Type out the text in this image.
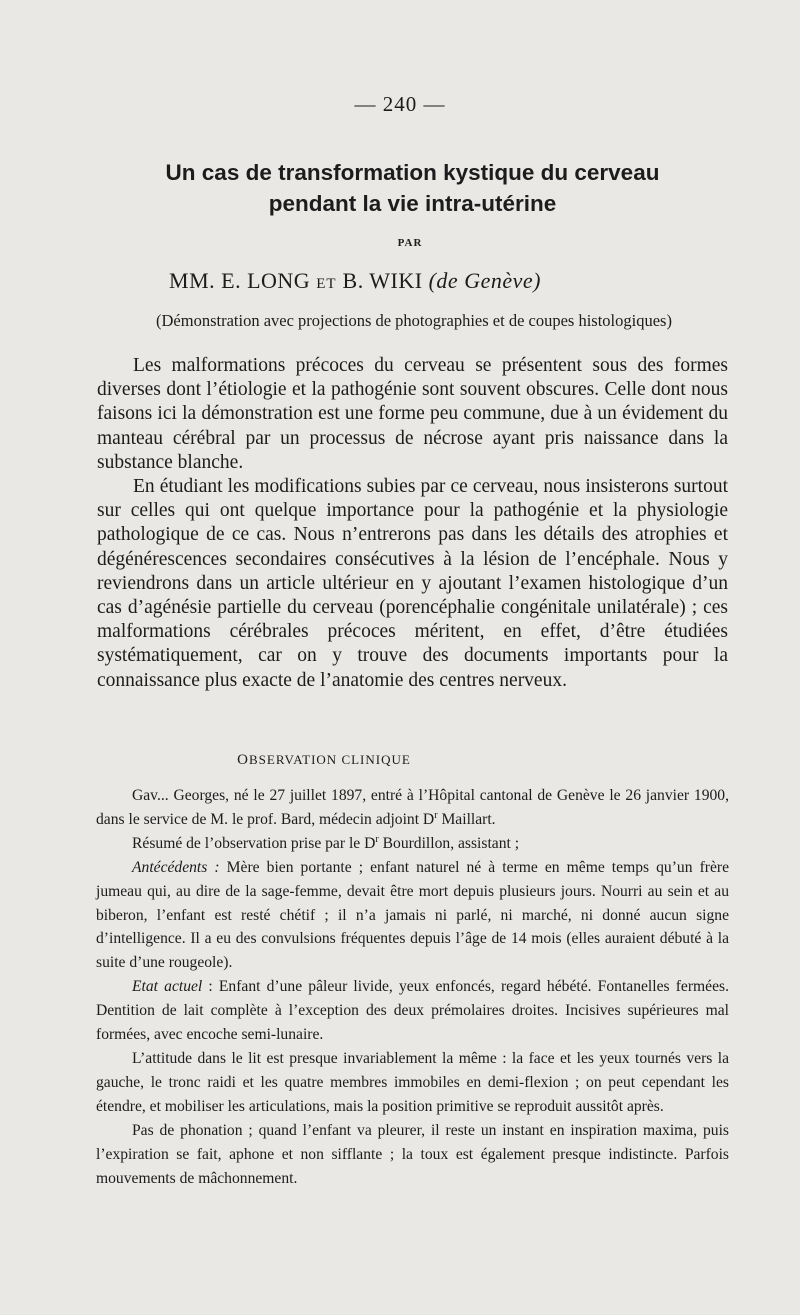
— 240 —
Un cas de transformation kystique du cerveau
pendant la vie intra-utérine
PAR
MM. E. LONG ET B. WIKI (de Genève)
(Démonstration avec projections de photographies et de coupes histologiques)

Les malformations précoces du cerveau se présentent sous des formes diverses dont l’étiologie et la pathogénie sont souvent obscures. Celle dont nous faisons ici la démonstration est une forme peu commune, due à un évidement du manteau cérébral par un processus de nécrose ayant pris naissance dans la substance blanche.

En étudiant les modifications subies par ce cerveau, nous insisterons surtout sur celles qui ont quelque importance pour la pathogénie et la physiologie pathologique de ce cas. Nous n’entrerons pas dans les détails des atrophies et dégénérescences secondaires consécutives à la lésion de l’encéphale. Nous y reviendrons dans un article ultérieur en y ajoutant l’examen histologique d’un cas d’agénésie partielle du cerveau (porencéphalie congénitale unilatérale) ; ces malformations cérébrales précoces méritent, en effet, d’être étudiées systématiquement, car on y trouve des documents importants pour la connaissance plus exacte de l’anatomie des centres nerveux.

OBSERVATION CLINIQUE

Gav... Georges, né le 27 juillet 1897, entré à l’Hôpital cantonal de Genève le 26 janvier 1900, dans le service de M. le prof. Bard, médecin adjoint $D^r$ Maillart.

Résumé de l’observation prise par le $D^r$ Bourdillon, assistant ;

Antécédents : Mère bien portante ; enfant naturel né à terme en même temps qu’un frère jumeau qui, au dire de la sage-femme, devait être mort depuis plusieurs jours. Nourri au sein et au biberon, l’enfant est resté chétif ; il n’a jamais ni parlé, ni marché, ni donné aucun signe d’intelligence. Il a eu des convulsions fréquentes depuis l’âge de 14 mois (elles auraient débuté à la suite d’une rougeole).

Etat actuel : Enfant d’une pâleur livide, yeux enfoncés, regard hébété. Fontanelles fermées. Dentition de lait complète à l’exception des deux prémolaires droites. Incisives supérieures mal formées, avec encoche semi-lunaire.

L’attitude dans le lit est presque invariablement la même : la face et les yeux tournés vers la gauche, le tronc raidi et les quatre membres immobiles en demi-flexion ; on peut cependant les étendre, et mobiliser les articulations, mais la position primitive se reproduit aussitôt après.

Pas de phonation ; quand l’enfant va pleurer, il reste un instant en inspiration maxima, puis l’expiration se fait, aphone et non sifflante ; la toux est également presque indistincte. Parfois mouvements de mâchonnement.
